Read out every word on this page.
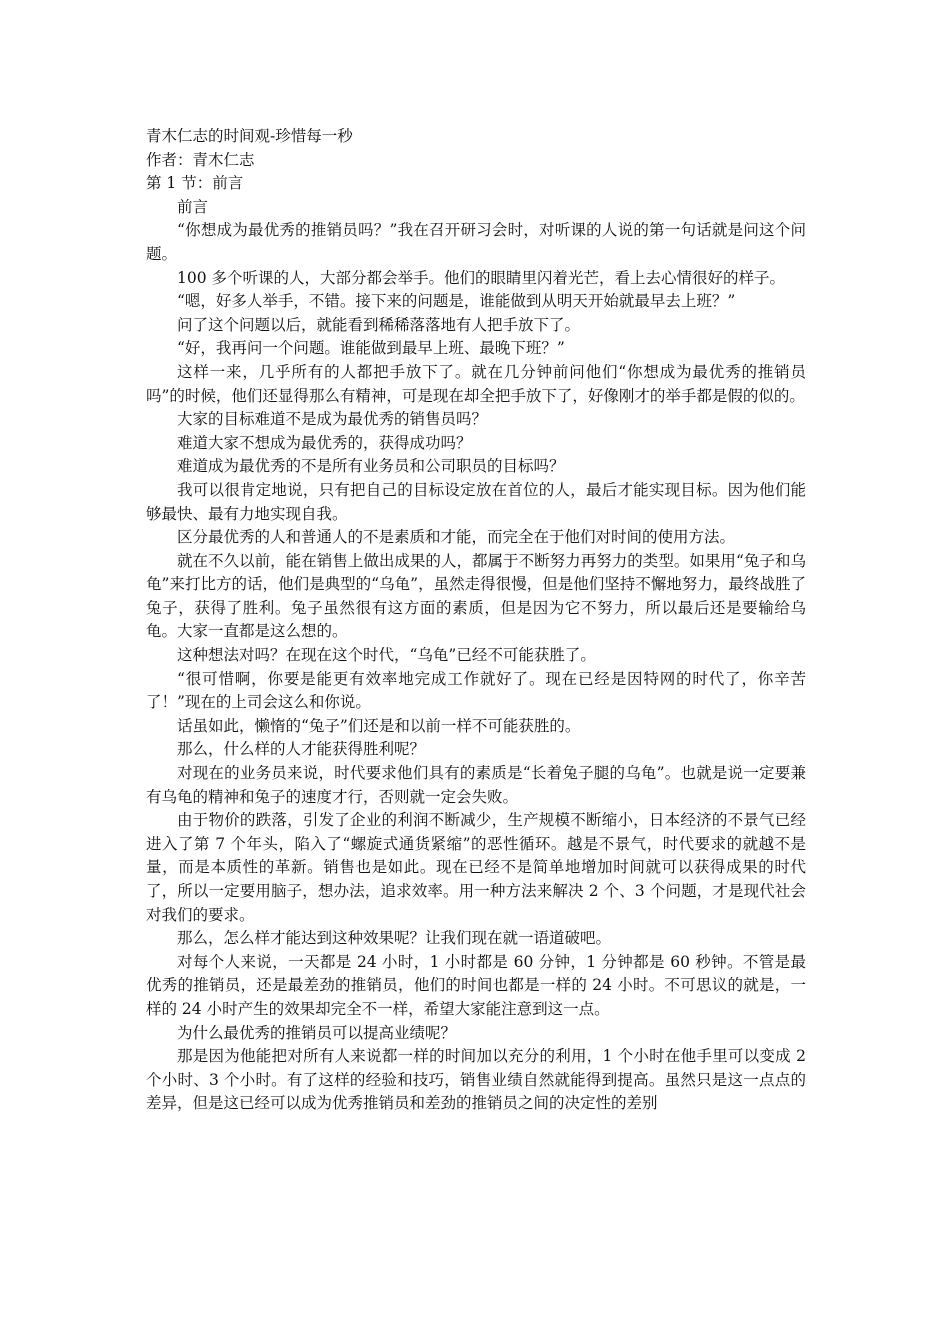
青木仁志的时间观-珍惜每一秒

作者：青木仁志

第 1 节：前言

前言

“你想成为最优秀的推销员吗？”我在召开研习会时，对听课的人说的第一句话就是问这个问题。

100 多个听课的人，大部分都会举手。他们的眼睛里闪着光芒，看上去心情很好的样子。

“嗯，好多人举手，不错。接下来的问题是，谁能做到从明天开始就最早去上班？”

问了这个问题以后，就能看到稀稀落落地有人把手放下了。

“好，我再问一个问题。谁能做到最早上班、最晚下班？”

这样一来，几乎所有的人都把手放下了。就在几分钟前问他们“你想成为最优秀的推销员吗”的时候，他们还显得那么有精神，可是现在却全把手放下了，好像刚才的举手都是假的似的。

大家的目标难道不是成为最优秀的销售员吗？

难道大家不想成为最优秀的，获得成功吗？

难道成为最优秀的不是所有业务员和公司职员的目标吗？

我可以很肯定地说，只有把自己的目标设定放在首位的人，最后才能实现目标。因为他们能够最快、最有力地实现自我。

区分最优秀的人和普通人的不是素质和才能，而完全在于他们对时间的使用方法。

就在不久以前，能在销售上做出成果的人，都属于不断努力再努力的类型。如果用“兔子和乌龟”来打比方的话，他们是典型的“乌龟”，虽然走得很慢，但是他们坚持不懈地努力，最终战胜了兔子，获得了胜利。兔子虽然很有这方面的素质，但是因为它不努力，所以最后还是要输给乌龟。大家一直都是这么想的。

这种想法对吗？在现在这个时代，“乌龟”已经不可能获胜了。

“很可惜啊，你要是能更有效率地完成工作就好了。现在已经是因特网的时代了，你辛苦了！”现在的上司会这么和你说。

话虽如此，懒惰的“兔子”们还是和以前一样不可能获胜的。

那么，什么样的人才能获得胜利呢？

对现在的业务员来说，时代要求他们具有的素质是“长着兔子腿的乌龟”。也就是说一定要兼有乌龟的精神和兔子的速度才行，否则就一定会失败。

由于物价的跌落，引发了企业的利润不断减少，生产规模不断缩小，日本经济的不景气已经进入了第 7 个年头，陷入了“螺旋式通货紧缩”的恶性循环。越是不景气，时代要求的就越不是量，而是本质性的革新。销售也是如此。现在已经不是简单地增加时间就可以获得成果的时代了，所以一定要用脑子，想办法，追求效率。用一种方法来解决 2 个、3 个问题，才是现代社会对我们的要求。

那么，怎么样才能达到这种效果呢？让我们现在就一语道破吧。

对每个人来说，一天都是 24 小时，1 小时都是 60 分钟，1 分钟都是 60 秒钟。不管是最优秀的推销员，还是最差劲的推销员，他们的时间也都是一样的 24 小时。不可思议的就是，一样的 24 小时产生的效果却完全不一样，希望大家能注意到这一点。

为什么最优秀的推销员可以提高业绩呢？

那是因为他能把对所有人来说都一样的时间加以充分的利用，1 个小时在他手里可以变成 2 个小时、3 个小时。有了这样的经验和技巧，销售业绩自然就能得到提高。虽然只是这一点点的差异，但是这已经可以成为优秀推销员和差劲的推销员之间的决定性的差别
